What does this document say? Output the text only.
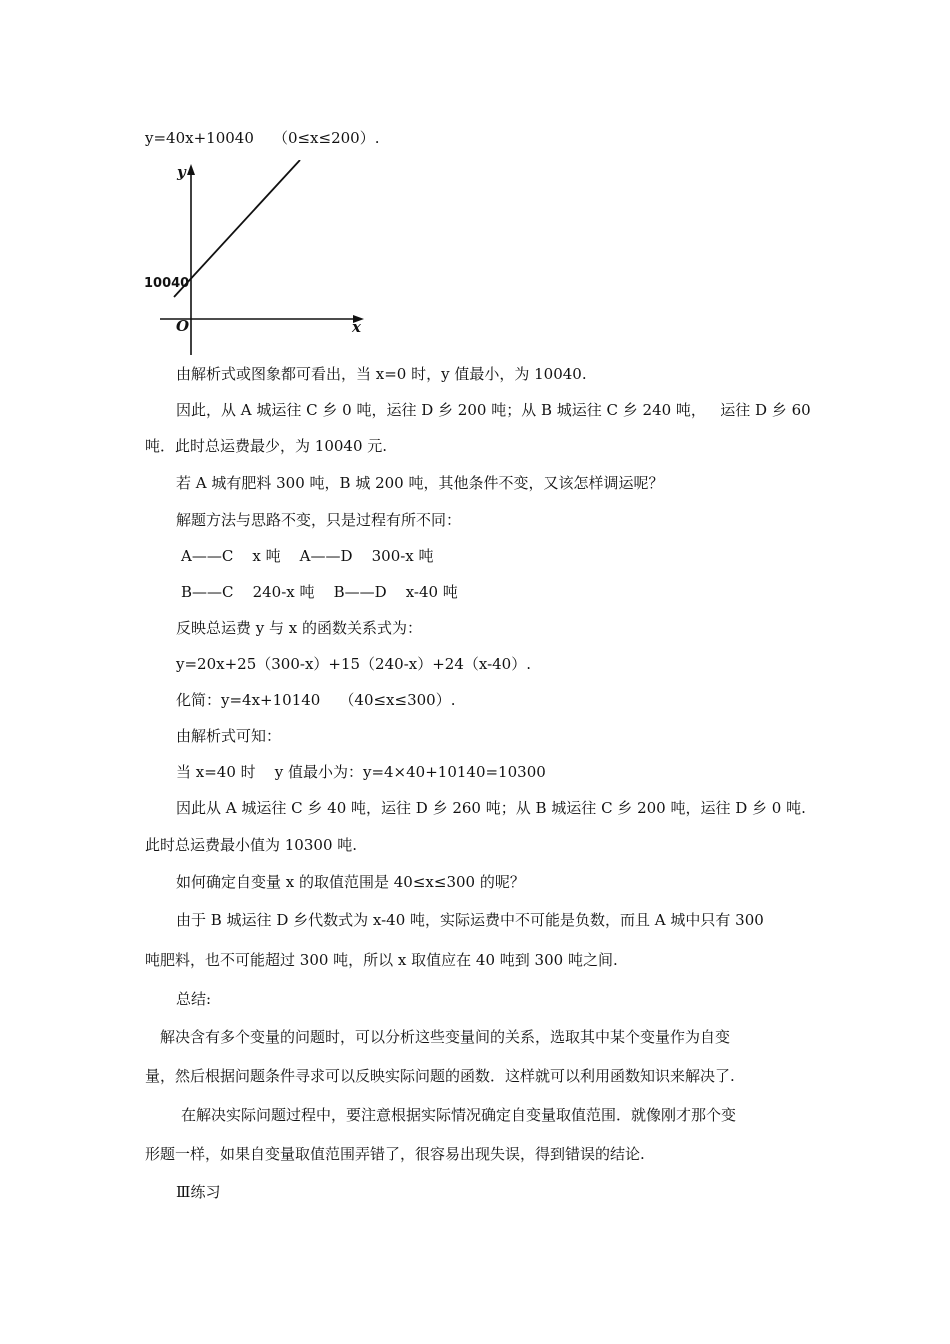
y=40x+10040    （0≤x≤200）.
y
x
O
10040
由解析式或图象都可看出，当 x=0 时，y 值最小，为 10040.
因此，从 A 城运往 C 乡 0 吨，运往 D 乡 200 吨；从 B 城运往 C 乡 240 吨，   运往 D 乡 60
吨．此时总运费最少，为 10040 元.
若 A 城有肥料 300 吨，B 城 200 吨，其他条件不变，又该怎样调运呢？
解题方法与思路不变，只是过程有所不同：
A——C    x 吨    A——D    300-x 吨
B——C    240-x 吨    B——D    x-40 吨
反映总运费 y 与 x 的函数关系式为：
y=20x+25（300-x）+15（240-x）+24（x-40）.
化简：y=4x+10140    （40≤x≤300）.
由解析式可知：
当 x=40 时    y 值最小为：y=4×40+10140=10300
因此从 A 城运往 C 乡 40 吨，运往 D 乡 260 吨；从 B 城运往 C 乡 200 吨，运往 D 乡 0 吨.
此时总运费最小值为 10300 吨.
如何确定自变量 x 的取值范围是 40≤x≤300 的呢？
由于 B 城运往 D 乡代数式为 x-40 吨，实际运费中不可能是负数，而且 A 城中只有 300
吨肥料，也不可能超过 300 吨，所以 x 取值应在 40 吨到 300 吨之间.
总结:
解决含有多个变量的问题时，可以分析这些变量间的关系，选取其中某个变量作为自变
量，然后根据问题条件寻求可以反映实际问题的函数．这样就可以利用函数知识来解决了.
在解决实际问题过程中，要注意根据实际情况确定自变量取值范围．就像刚才那个变
形题一样，如果自变量取值范围弄错了，很容易出现失误，得到错误的结论.
Ⅲ练习
